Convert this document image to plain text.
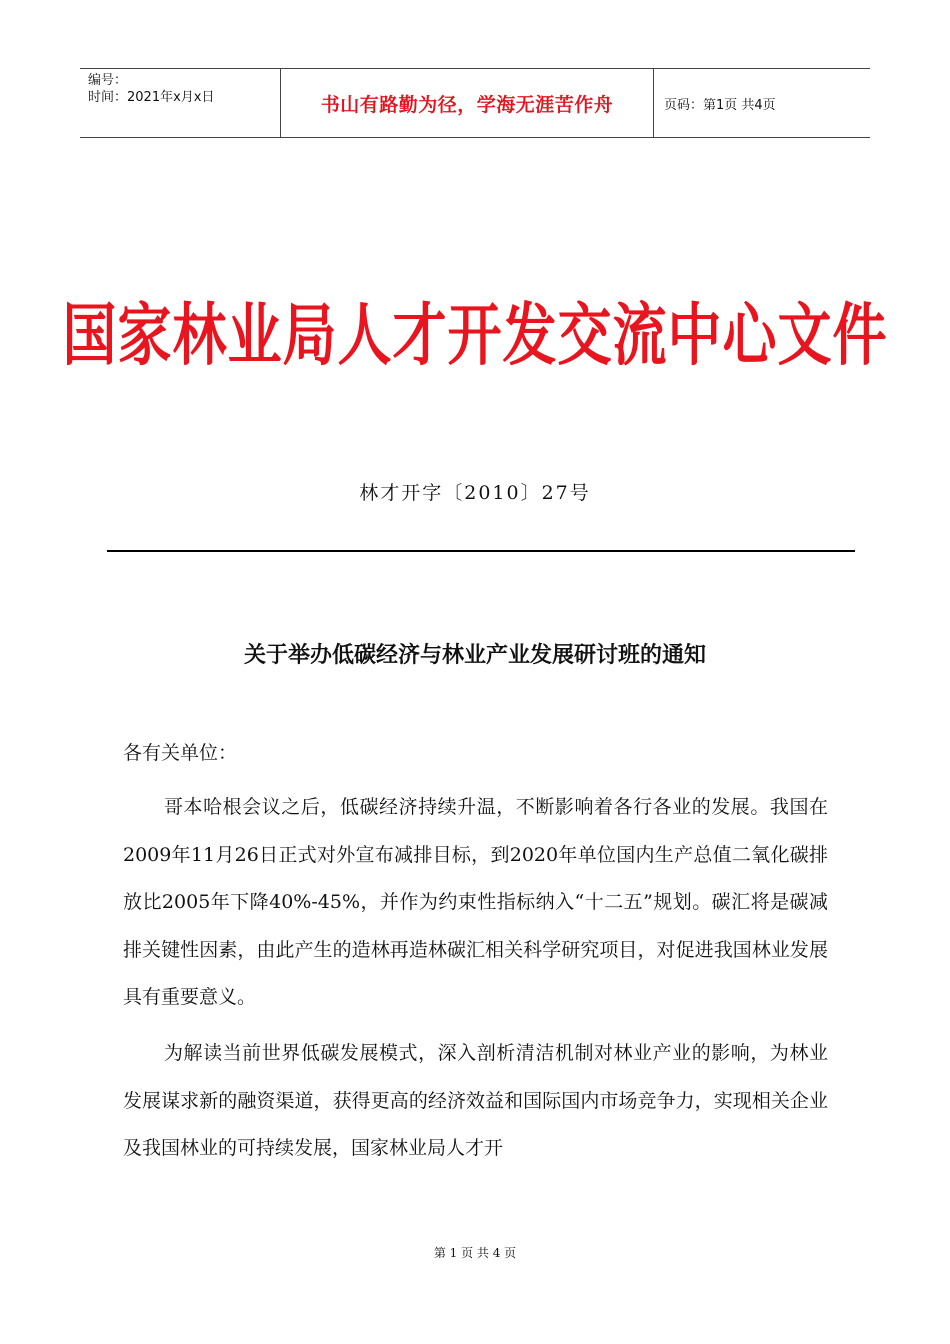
编号：
时间：2021年x月x日	书山有路勤为径，学海无涯苦作舟	页码：第1页 共4页
国家林业局人才开发交流中心文件
林才开字〔2010〕27号
关于举办低碳经济与林业产业发展研讨班的通知
各有关单位：

哥本哈根会议之后，低碳经济持续升温，不断影响着各行各业的发展。我国在2009年11月26日正式对外宣布减排目标，到2020年单位国内生产总值二氧化碳排放比2005年下降40%-45%，并作为约束性指标纳入“十二五”规划。碳汇将是碳减排关键性因素，由此产生的造林再造林碳汇相关科学研究项目，对促进我国林业发展具有重要意义。

为解读当前世界低碳发展模式，深入剖析清洁机制对林业产业的影响，为林业发展谋求新的融资渠道，获得更高的经济效益和国际国内市场竞争力，实现相关企业及我国林业的可持续发展，国家林业局人才开

第 1 页 共 4 页
